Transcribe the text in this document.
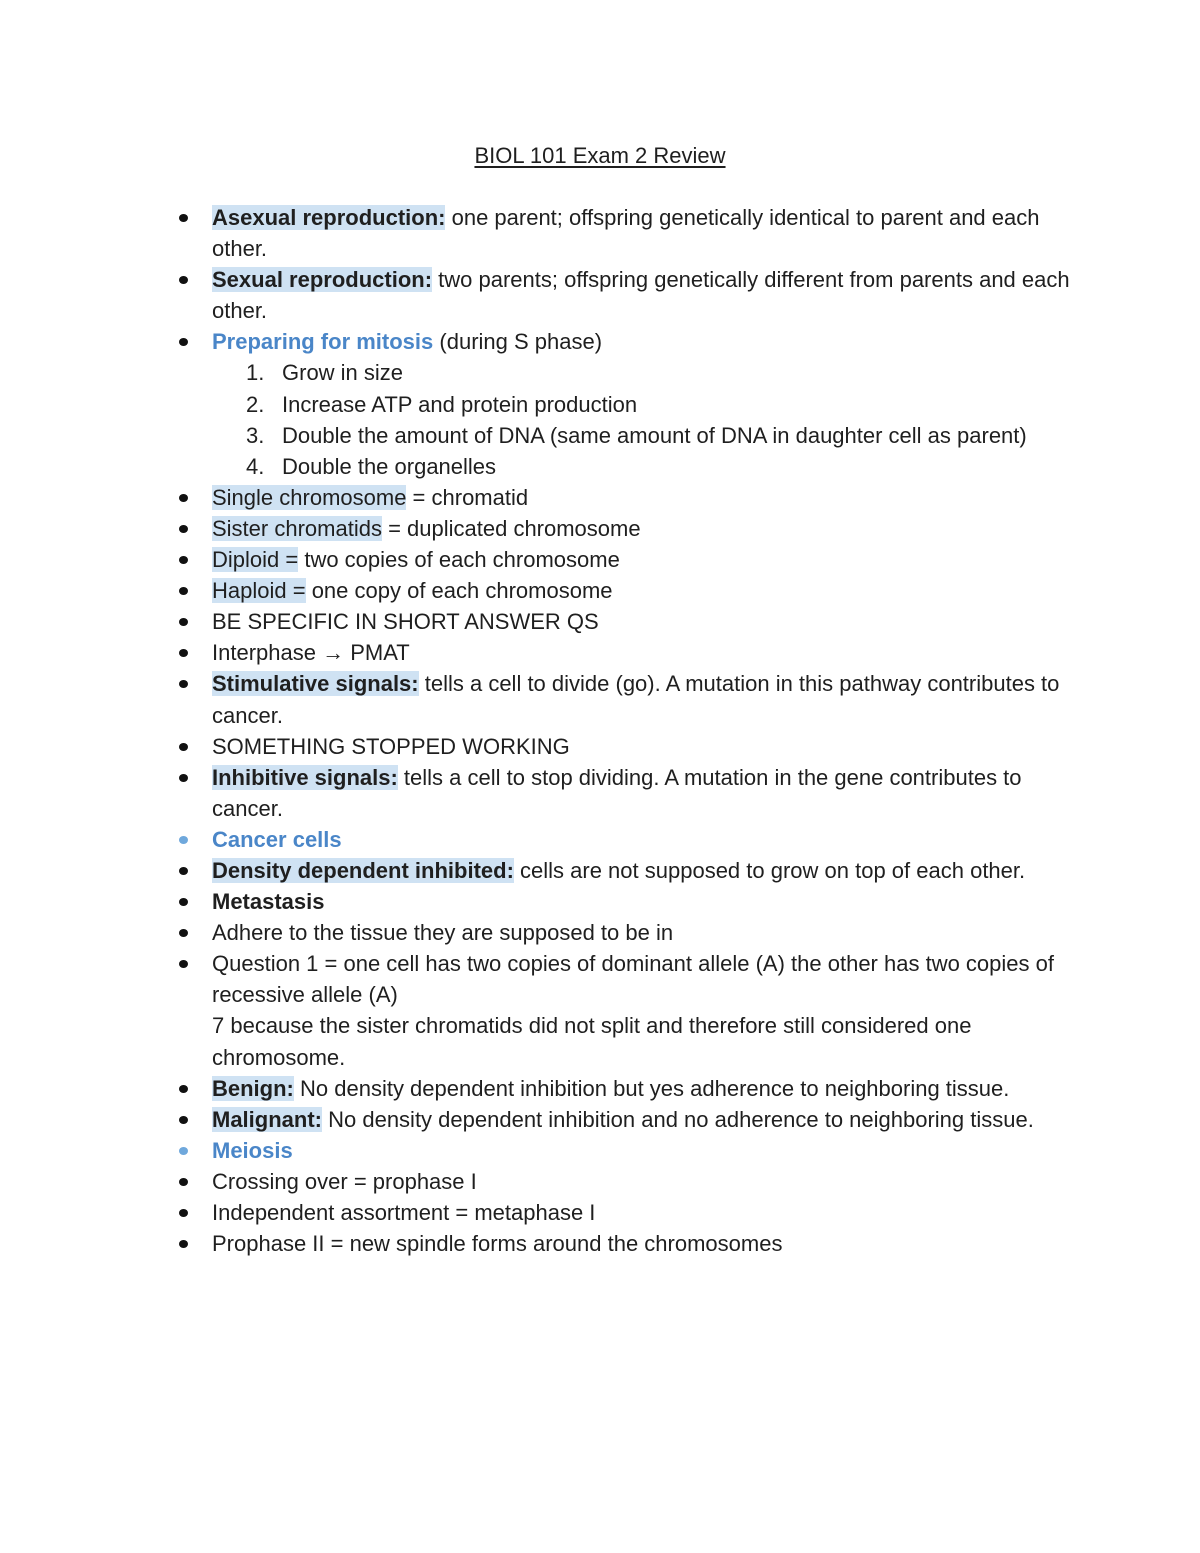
BIOL 101 Exam 2 Review
Asexual reproduction: one parent; offspring genetically identical to parent and each other.
Sexual reproduction: two parents; offspring genetically different from parents and each other.
Preparing for mitosis (during S phase)
1. Grow in size
2. Increase ATP and protein production
3. Double the amount of DNA (same amount of DNA in daughter cell as parent)
4. Double the organelles
Single chromosome = chromatid
Sister chromatids = duplicated chromosome
Diploid = two copies of each chromosome
Haploid = one copy of each chromosome
BE SPECIFIC IN SHORT ANSWER QS
Interphase → PMAT
Stimulative signals: tells a cell to divide (go). A mutation in this pathway contributes to cancer.
SOMETHING STOPPED WORKING
Inhibitive signals: tells a cell to stop dividing. A mutation in the gene contributes to cancer.
Cancer cells
Density dependent inhibited: cells are not supposed to grow on top of each other.
Metastasis
Adhere to the tissue they are supposed to be in
Question 1 = one cell has two copies of dominant allele (A) the other has two copies of recessive allele (A)
7 because the sister chromatids did not split and therefore still considered one chromosome.
Benign: No density dependent inhibition but yes adherence to neighboring tissue.
Malignant: No density dependent inhibition and no adherence to neighboring tissue.
Meiosis
Crossing over = prophase I
Independent assortment = metaphase I
Prophase II = new spindle forms around the chromosomes
